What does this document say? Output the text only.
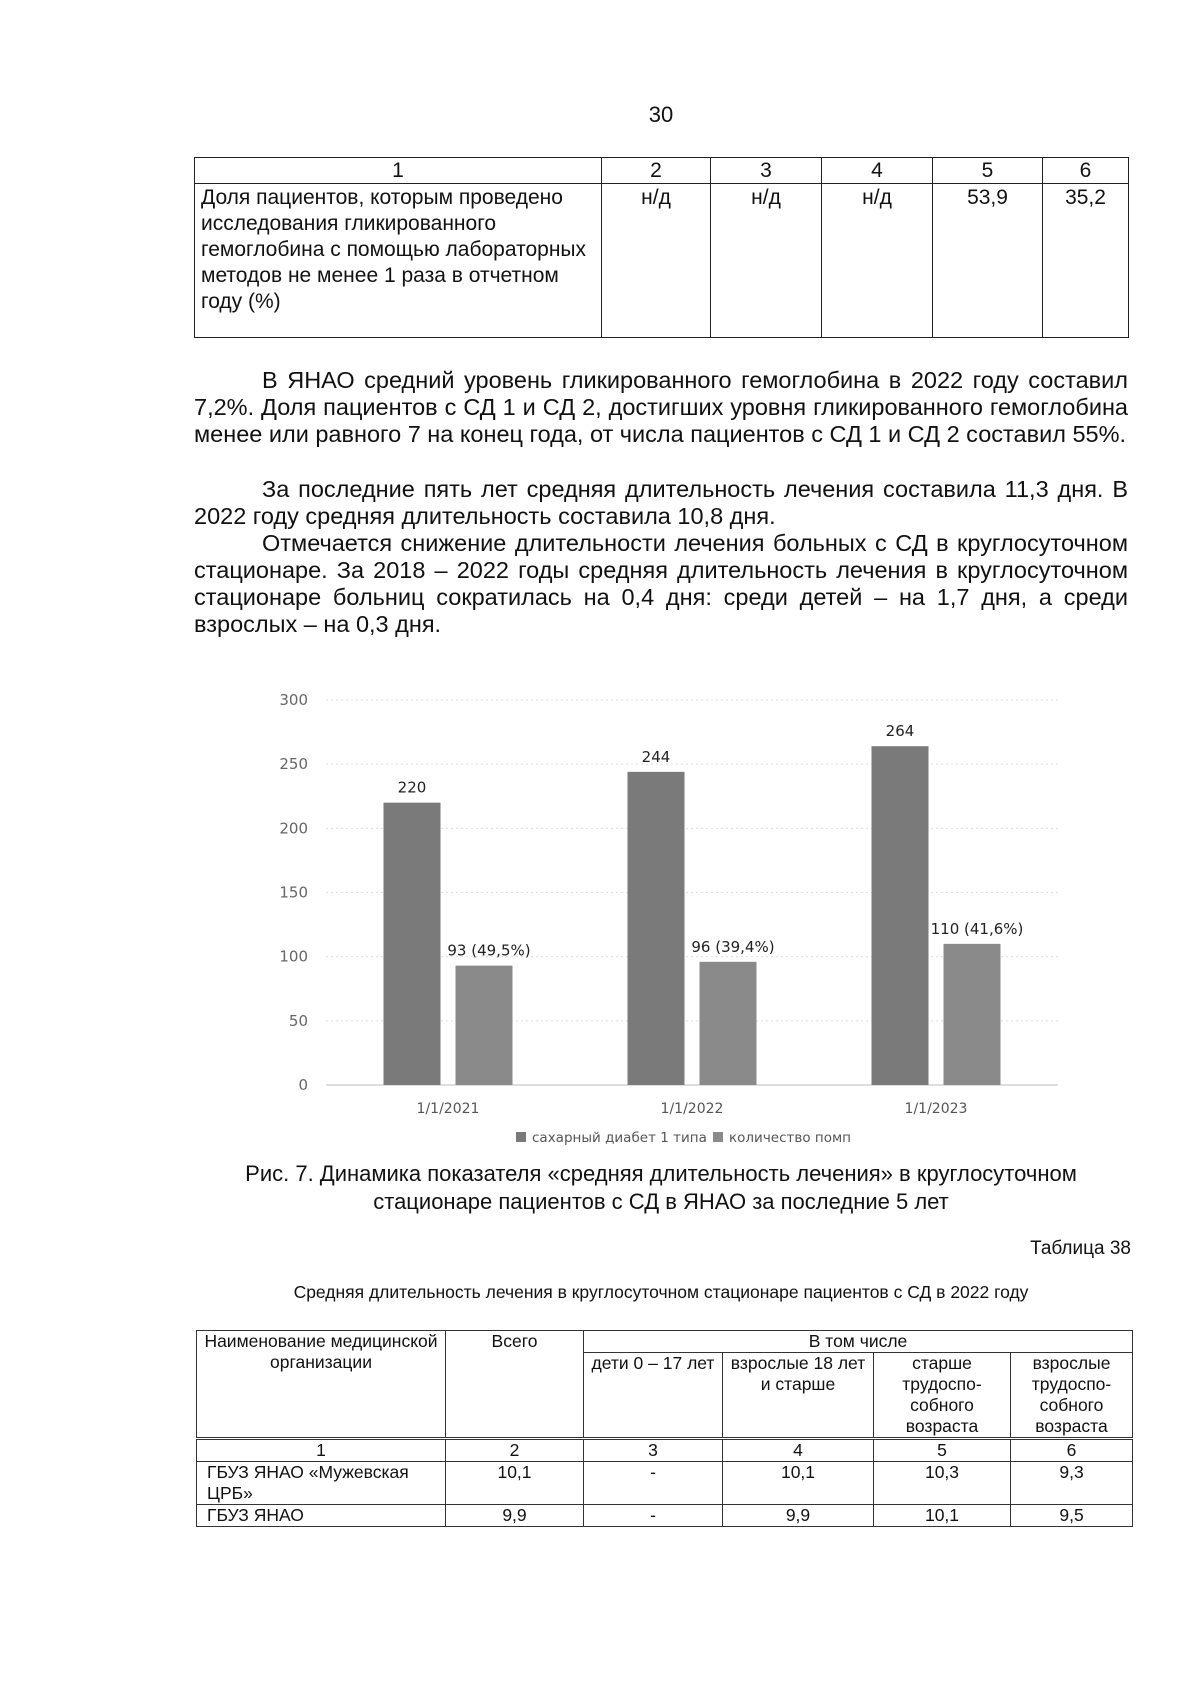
30
1	2	3	4	5	6
Доля пациентов, которым проведено исследования гликированного гемоглобина с помощью лабораторных методов не менее 1 раза в отчетном году (%)	н/д	н/д	н/д	53,9	35,2

В ЯНАО средний уровень гликированного гемоглобина в 2022 году составил 7,2%. Доля пациентов с СД 1 и СД 2, достигших уровня гликированного гемоглобина менее или равного 7 на конец года, от числа пациентов с СД 1 и СД 2 составил 55%.

За последние пять лет средняя длительность лечения составила 11,3 дня. В 2022 году средняя длительность составила 10,8 дня.

Отмечается снижение длительности лечения больных с СД в круглосуточном стационаре. За 2018 – 2022 годы средняя длительность лечения в круглосуточном стационаре больниц сократилась на 0,4 дня: среди детей – на 1,7 дня, а среди взрослых – на 0,3 дня.

0
50
100
150
200
250
300
220
93 (49,5%)
1/1/2021
244
96 (39,4%)
1/1/2022
264
110 (41,6%)
1/1/2023
сахарный диабет 1 типа количество помп
Рис. 7. Динамика показателя «средняя длительность лечения» в круглосуточном стационаре пациентов с СД в ЯНАО за последние 5 лет
Таблица 38
Средняя длительность лечения в круглосуточном стационаре пациентов с СД в 2022 году
Наименование медицинской организации	Всего	В том числе			
		дети 0 – 17 лет	взрослые 18 лет и старше	старше трудоспо-собного возраста	взрослые трудоспо-собного возраста
1	2	3	4	5	6
ГБУЗ ЯНАО «Мужевская ЦРБ»	10,1	-	10,1	10,3	9,3
ГБУЗ ЯНАО	9,9	-	9,9	10,1	9,5
